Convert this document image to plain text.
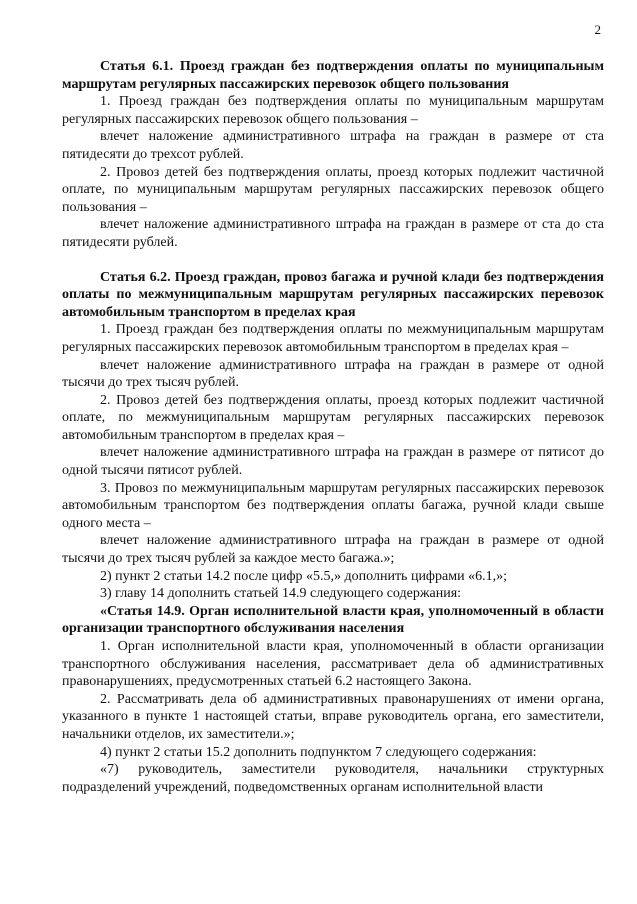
2

Статья 6.1. Проезд граждан без подтверждения оплаты по муниципальным маршрутам регулярных пассажирских перевозок общего пользования

1. Проезд граждан без подтверждения оплаты по муниципальным маршрутам регулярных пассажирских перевозок общего пользования –

влечет наложение административного штрафа на граждан в размере от ста пятидесяти до трехсот рублей.

2. Провоз детей без подтверждения оплаты, проезд которых подлежит частичной оплате, по муниципальным маршрутам регулярных пассажирских перевозок общего пользования –

влечет наложение административного штрафа на граждан в размере от ста до ста пятидесяти рублей.

Статья 6.2. Проезд граждан, провоз багажа и ручной клади без подтверждения оплаты по межмуниципальным маршрутам регулярных пассажирских перевозок автомобильным транспортом в пределах края

1. Проезд граждан без подтверждения оплаты по межмуниципальным маршрутам регулярных пассажирских перевозок автомобильным транспортом в пределах края –

влечет наложение административного штрафа на граждан в размере от одной тысячи до трех тысяч рублей.

2. Провоз детей без подтверждения оплаты, проезд которых подлежит частичной оплате, по межмуниципальным маршрутам регулярных пассажирских перевозок автомобильным транспортом в пределах края –

влечет наложение административного штрафа на граждан в размере от пятисот до одной тысячи пятисот рублей.

3. Провоз по межмуниципальным маршрутам регулярных пассажирских перевозок автомобильным транспортом без подтверждения оплаты багажа, ручной клади свыше одного места –

влечет наложение административного штрафа на граждан в размере от одной тысячи до трех тысяч рублей за каждое место багажа.»;

2) пункт 2 статьи 14.2 после цифр «5.5,» дополнить цифрами «6.1,»;

3) главу 14 дополнить статьей 14.9 следующего содержания:

«Статья 14.9. Орган исполнительной власти края, уполномоченный в области организации транспортного обслуживания населения

1. Орган исполнительной власти края, уполномоченный в области организации транспортного обслуживания населения, рассматривает дела об административных правонарушениях, предусмотренных статьей 6.2 настоящего Закона.

2. Рассматривать дела об административных правонарушениях от имени органа, указанного в пункте 1 настоящей статьи, вправе руководитель органа, его заместители, начальники отделов, их заместители.»;

4) пункт 2 статьи 15.2 дополнить подпунктом 7 следующего содержания:

«7) руководитель, заместители руководителя, начальники структурных подразделений учреждений, подведомственных органам исполнительной власти
